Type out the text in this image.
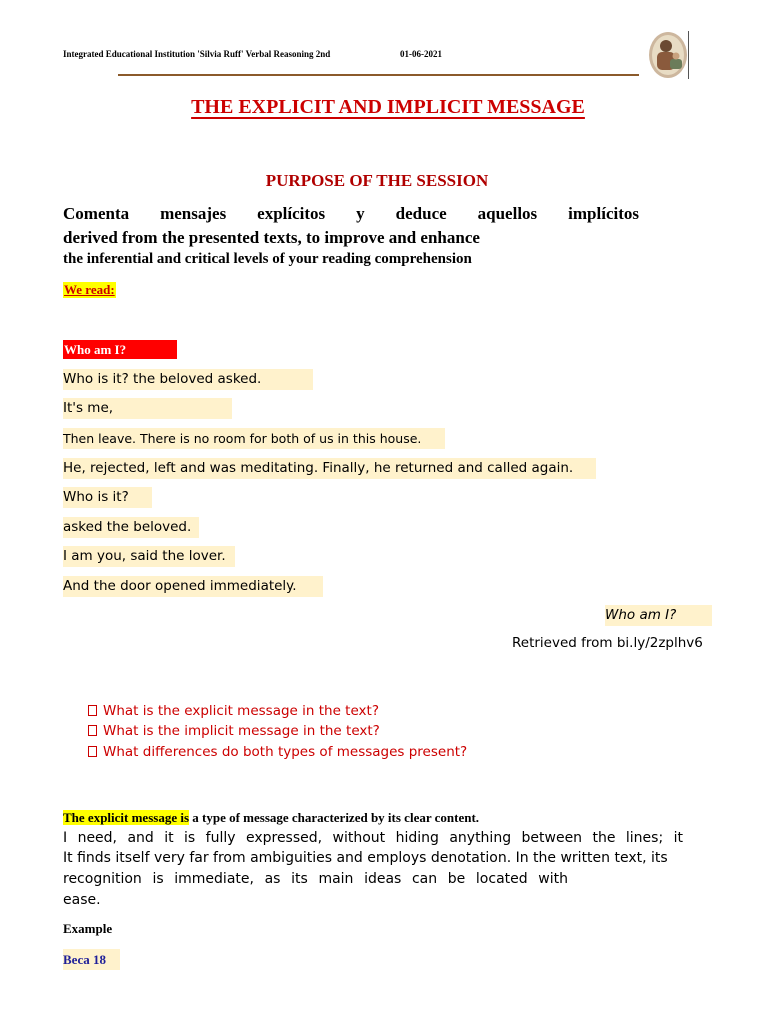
Integrated Educational Institution 'Silvia Ruff' Verbal Reasoning 2nd	01-06-2021
THE EXPLICIT AND IMPLICIT MESSAGE
PURPOSE OF THE SESSION
Comenta mensajes explícitos y deduce aquellos implícitos
derived from the presented texts, to improve and enhance
the inferential and critical levels of your reading comprehension
We read:
Who am I?
Who is it? the beloved asked.
It's me,
Then leave. There is no room for both of us in this house.
He, rejected, left and was meditating. Finally, he returned and called again.
Who is it?
asked the beloved.
I am you, said the lover.
And the door opened immediately.
Who am I?
Retrieved from bi.ly/2zplhv6
What is the explicit message in the text?
What is the implicit message in the text?
What differences do both types of messages present?
The explicit message is a type of message characterized by its clear content.
I need, and it is fully expressed, without hiding anything between the lines; it
It finds itself very far from ambiguities and employs denotation. In the written text, its
recognition is immediate, as its main ideas can be located with
ease.
Example
Beca 18
